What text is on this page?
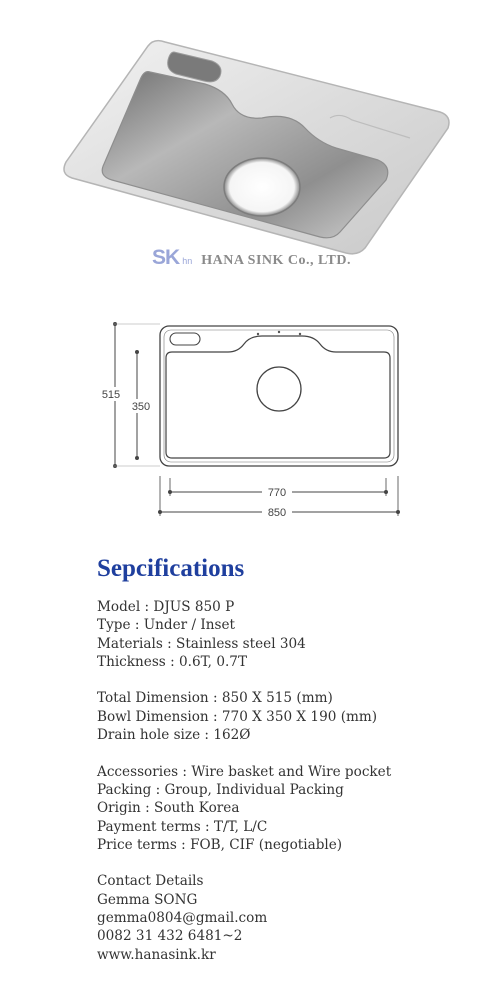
SK hn HANA SINK Co., LTD.
515
350
770
850
Sepcifications
Model : DJUS 850 P
Type : Under / Inset
Materials : Stainless steel 304
Thickness : 0.6T, 0.7T
Total Dimension : 850 X 515 (mm)
Bowl Dimension : 770 X 350 X 190 (mm)
Drain hole size : 162Ø
Accessories : Wire basket and Wire pocket
Packing : Group, Individual Packing
Origin : South Korea
Payment terms : T/T, L/C
Price terms : FOB, CIF (negotiable)
Contact Details
Gemma SONG
gemma0804@gmail.com
0082 31 432 6481~2
www.hanasink.kr
